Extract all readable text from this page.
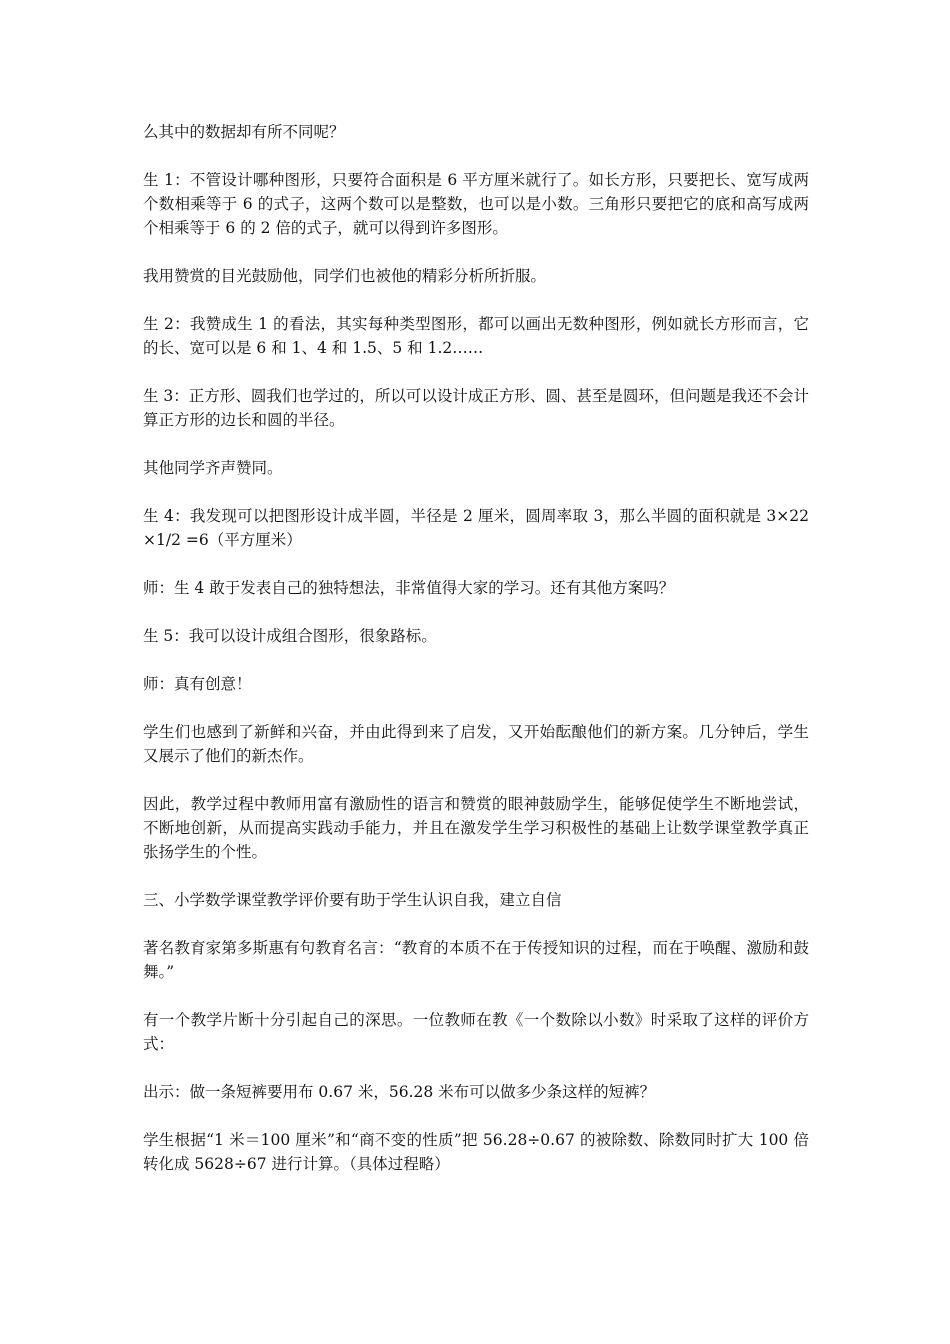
么其中的数据却有所不同呢？

生 1：不管设计哪种图形，只要符合面积是 6 平方厘米就行了。如长方形，只要把长、宽写成两个数相乘等于 6 的式子，这两个数可以是整数，也可以是小数。三角形只要把它的底和高写成两个相乘等于 6 的 2 倍的式子，就可以得到许多图形。

我用赞赏的目光鼓励他，同学们也被他的精彩分析所折服。

生 2：我赞成生 1 的看法，其实每种类型图形，都可以画出无数种图形，例如就长方形而言，它的长、宽可以是 6 和 1、4 和 1.5、5 和 1.2……

生 3：正方形、圆我们也学过的，所以可以设计成正方形、圆、甚至是圆环，但问题是我还不会计算正方形的边长和圆的半径。

其他同学齐声赞同。

生 4：我发现可以把图形设计成半圆，半径是 2 厘米，圆周率取 3，那么半圆的面积就是 3×22×1/2 =6（平方厘米）

师：生 4 敢于发表自己的独特想法，非常值得大家的学习。还有其他方案吗？

生 5：我可以设计成组合图形，很象路标。

师：真有创意！

学生们也感到了新鲜和兴奋，并由此得到来了启发，又开始酝酿他们的新方案。几分钟后，学生又展示了他们的新杰作。

因此，教学过程中教师用富有激励性的语言和赞赏的眼神鼓励学生，能够促使学生不断地尝试，不断地创新，从而提高实践动手能力，并且在激发学生学习积极性的基础上让数学课堂教学真正张扬学生的个性。

三、小学数学课堂教学评价要有助于学生认识自我，建立自信

著名教育家第多斯惠有句教育名言：“教育的本质不在于传授知识的过程，而在于唤醒、激励和鼓舞。”

有一个教学片断十分引起自己的深思。一位教师在教《一个数除以小数》时采取了这样的评价方式：

出示：做一条短裤要用布 0.67 米，56.28 米布可以做多少条这样的短裤？

学生根据“1 米＝100 厘米”和“商不变的性质”把 56.28÷0.67 的被除数、除数同时扩大 100 倍转化成 5628÷67 进行计算。（具体过程略）
